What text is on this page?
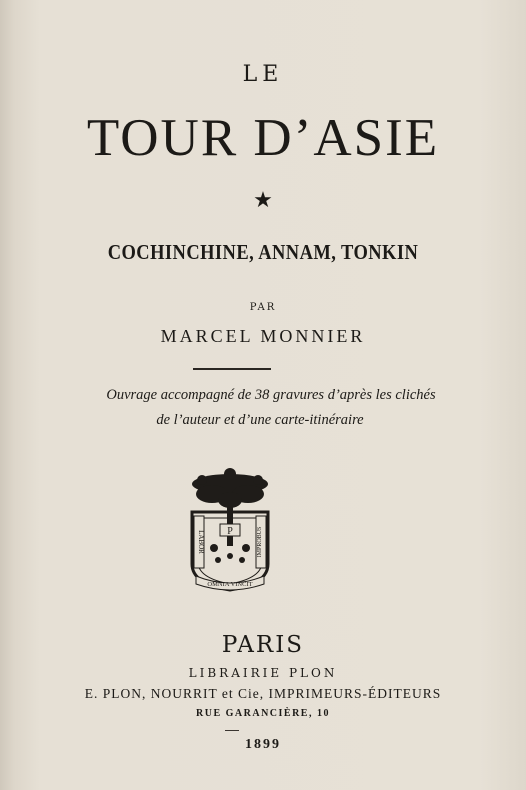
LE
TOUR D’ASIE
★
COCHINCHINE, ANNAM, TONKIN
PAR
MARCEL MONNIER
Ouvrage accompagné de 38 gravures d’après les clichés
de l’auteur et d’une carte-itinéraire
LABOR	IMPROBUS
P
OMNIA VINCIT
PARIS
LIBRAIRIE PLON
E. PLON, NOURRIT et Cie, IMPRIMEURS-ÉDITEURS
RUE GARANCIÈRE, 10
1899
